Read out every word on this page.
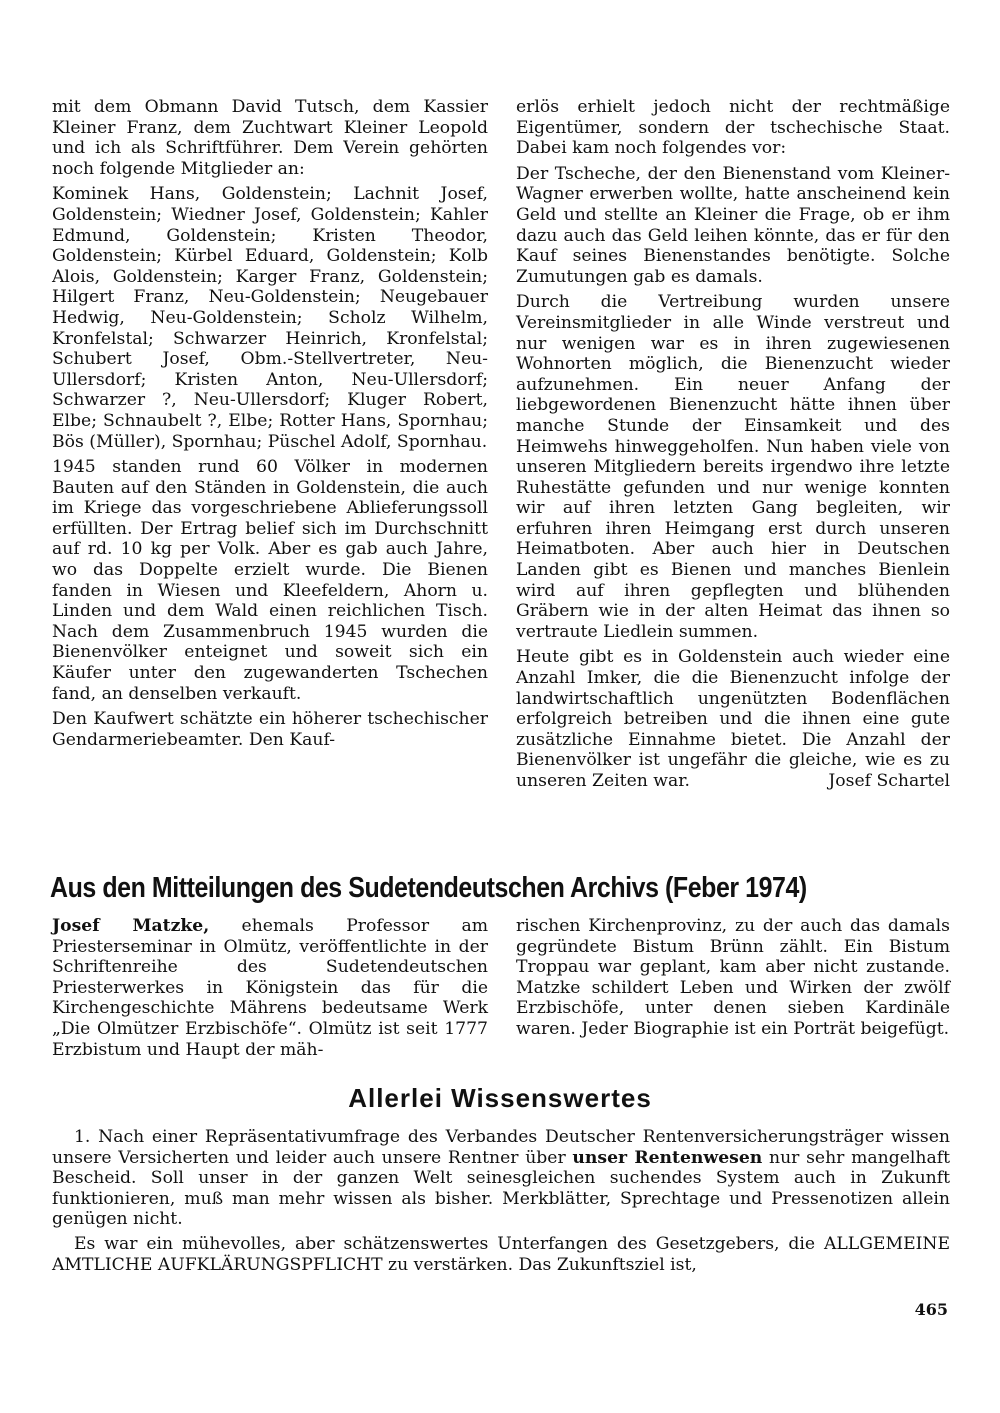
mit dem Obmann David Tutsch, dem Kassier Kleiner Franz, dem Zuchtwart Kleiner Leopold und ich als Schriftführer. Dem Verein gehörten noch folgende Mitglieder an:

Kominek Hans, Goldenstein; Lachnit Josef, Goldenstein; Wiedner Josef, Goldenstein; Kahler Edmund, Goldenstein; Kristen Theodor, Goldenstein; Kürbel Eduard, Goldenstein; Kolb Alois, Goldenstein; Karger Franz, Goldenstein; Hilgert Franz, Neu-Goldenstein; Neugebauer Hedwig, Neu-Goldenstein; Scholz Wilhelm, Kronfelstal; Schwarzer Heinrich, Kronfelstal; Schubert Josef, Obm.-Stellvertreter, Neu-Ullersdorf; Kristen Anton, Neu-Ullersdorf; Schwarzer ?, Neu-Ullersdorf; Kluger Robert, Elbe; Schnaubelt ?, Elbe; Rotter Hans, Spornhau; Bös (Müller), Spornhau; Püschel Adolf, Spornhau.

1945 standen rund 60 Völker in modernen Bauten auf den Ständen in Goldenstein, die auch im Kriege das vorgeschriebene Ablieferungssoll erfüllten. Der Ertrag belief sich im Durchschnitt auf rd. 10 kg per Volk. Aber es gab auch Jahre, wo das Doppelte erzielt wurde. Die Bienen fanden in Wiesen und Kleefeldern, Ahorn u. Linden und dem Wald einen reichlichen Tisch. Nach dem Zusammenbruch 1945 wurden die Bienenvölker enteignet und soweit sich ein Käufer unter den zugewanderten Tschechen fand, an denselben verkauft.

Den Kaufwert schätzte ein höherer tschechischer Gendarmeriebeamter. Den Kauf-

erlös erhielt jedoch nicht der rechtmäßige Eigentümer, sondern der tschechische Staat. Dabei kam noch folgendes vor:

Der Tscheche, der den Bienenstand vom Kleiner-Wagner erwerben wollte, hatte anscheinend kein Geld und stellte an Kleiner die Frage, ob er ihm dazu auch das Geld leihen könnte, das er für den Kauf seines Bienenstandes benötigte. Solche Zumutungen gab es damals.

Durch die Vertreibung wurden unsere Vereinsmitglieder in alle Winde verstreut und nur wenigen war es in ihren zugewiesenen Wohnorten möglich, die Bienenzucht wieder aufzunehmen. Ein neuer Anfang der liebgewordenen Bienenzucht hätte ihnen über manche Stunde der Einsamkeit und des Heimwehs hinweggeholfen. Nun haben viele von unseren Mitgliedern bereits irgendwo ihre letzte Ruhestätte gefunden und nur wenige konnten wir auf ihren letzten Gang begleiten, wir erfuhren ihren Heimgang erst durch unseren Heimatboten. Aber auch hier in Deutschen Landen gibt es Bienen und manches Bienlein wird auf ihren gepflegten und blühenden Gräbern wie in der alten Heimat das ihnen so vertraute Liedlein summen.

Heute gibt es in Goldenstein auch wieder eine Anzahl Imker, die die Bienenzucht infolge der landwirtschaftlich ungenützten Bodenflächen erfolgreich betreiben und die ihnen eine gute zusätzliche Einnahme bietet. Die Anzahl der Bienenvölker ist ungefähr die gleiche, wie es zu unseren Zeiten war.	Josef Schartel

Aus den Mitteilungen des Sudetendeutschen Archivs (Feber 1974)

Josef Matzke, ehemals Professor am Priesterseminar in Olmütz, veröffentlichte in der Schriftenreihe des Sudetendeutschen Priesterwerkes in Königstein das für die Kirchengeschichte Mährens bedeutsame Werk „Die Olmützer Erzbischöfe“. Olmütz ist seit 1777 Erzbistum und Haupt der mäh-

rischen Kirchenprovinz, zu der auch das damals gegründete Bistum Brünn zählt. Ein Bistum Troppau war geplant, kam aber nicht zustande. Matzke schildert Leben und Wirken der zwölf Erzbischöfe, unter denen sieben Kardinäle waren. Jeder Biographie ist ein Porträt beigefügt.

Allerlei Wissenswertes

1. Nach einer Repräsentativumfrage des Verbandes Deutscher Rentenversicherungsträger wissen unsere Versicherten und leider auch unsere Rentner über unser Rentenwesen nur sehr mangelhaft Bescheid. Soll unser in der ganzen Welt seinesgleichen suchendes System auch in Zukunft funktionieren, muß man mehr wissen als bisher. Merkblätter, Sprechtage und Pressenotizen allein genügen nicht.

Es war ein mühevolles, aber schätzenswertes Unterfangen des Gesetzgebers, die ALLGEMEINE AMTLICHE AUFKLÄRUNGSPFLICHT zu verstärken. Das Zukunftsziel ist,

465
